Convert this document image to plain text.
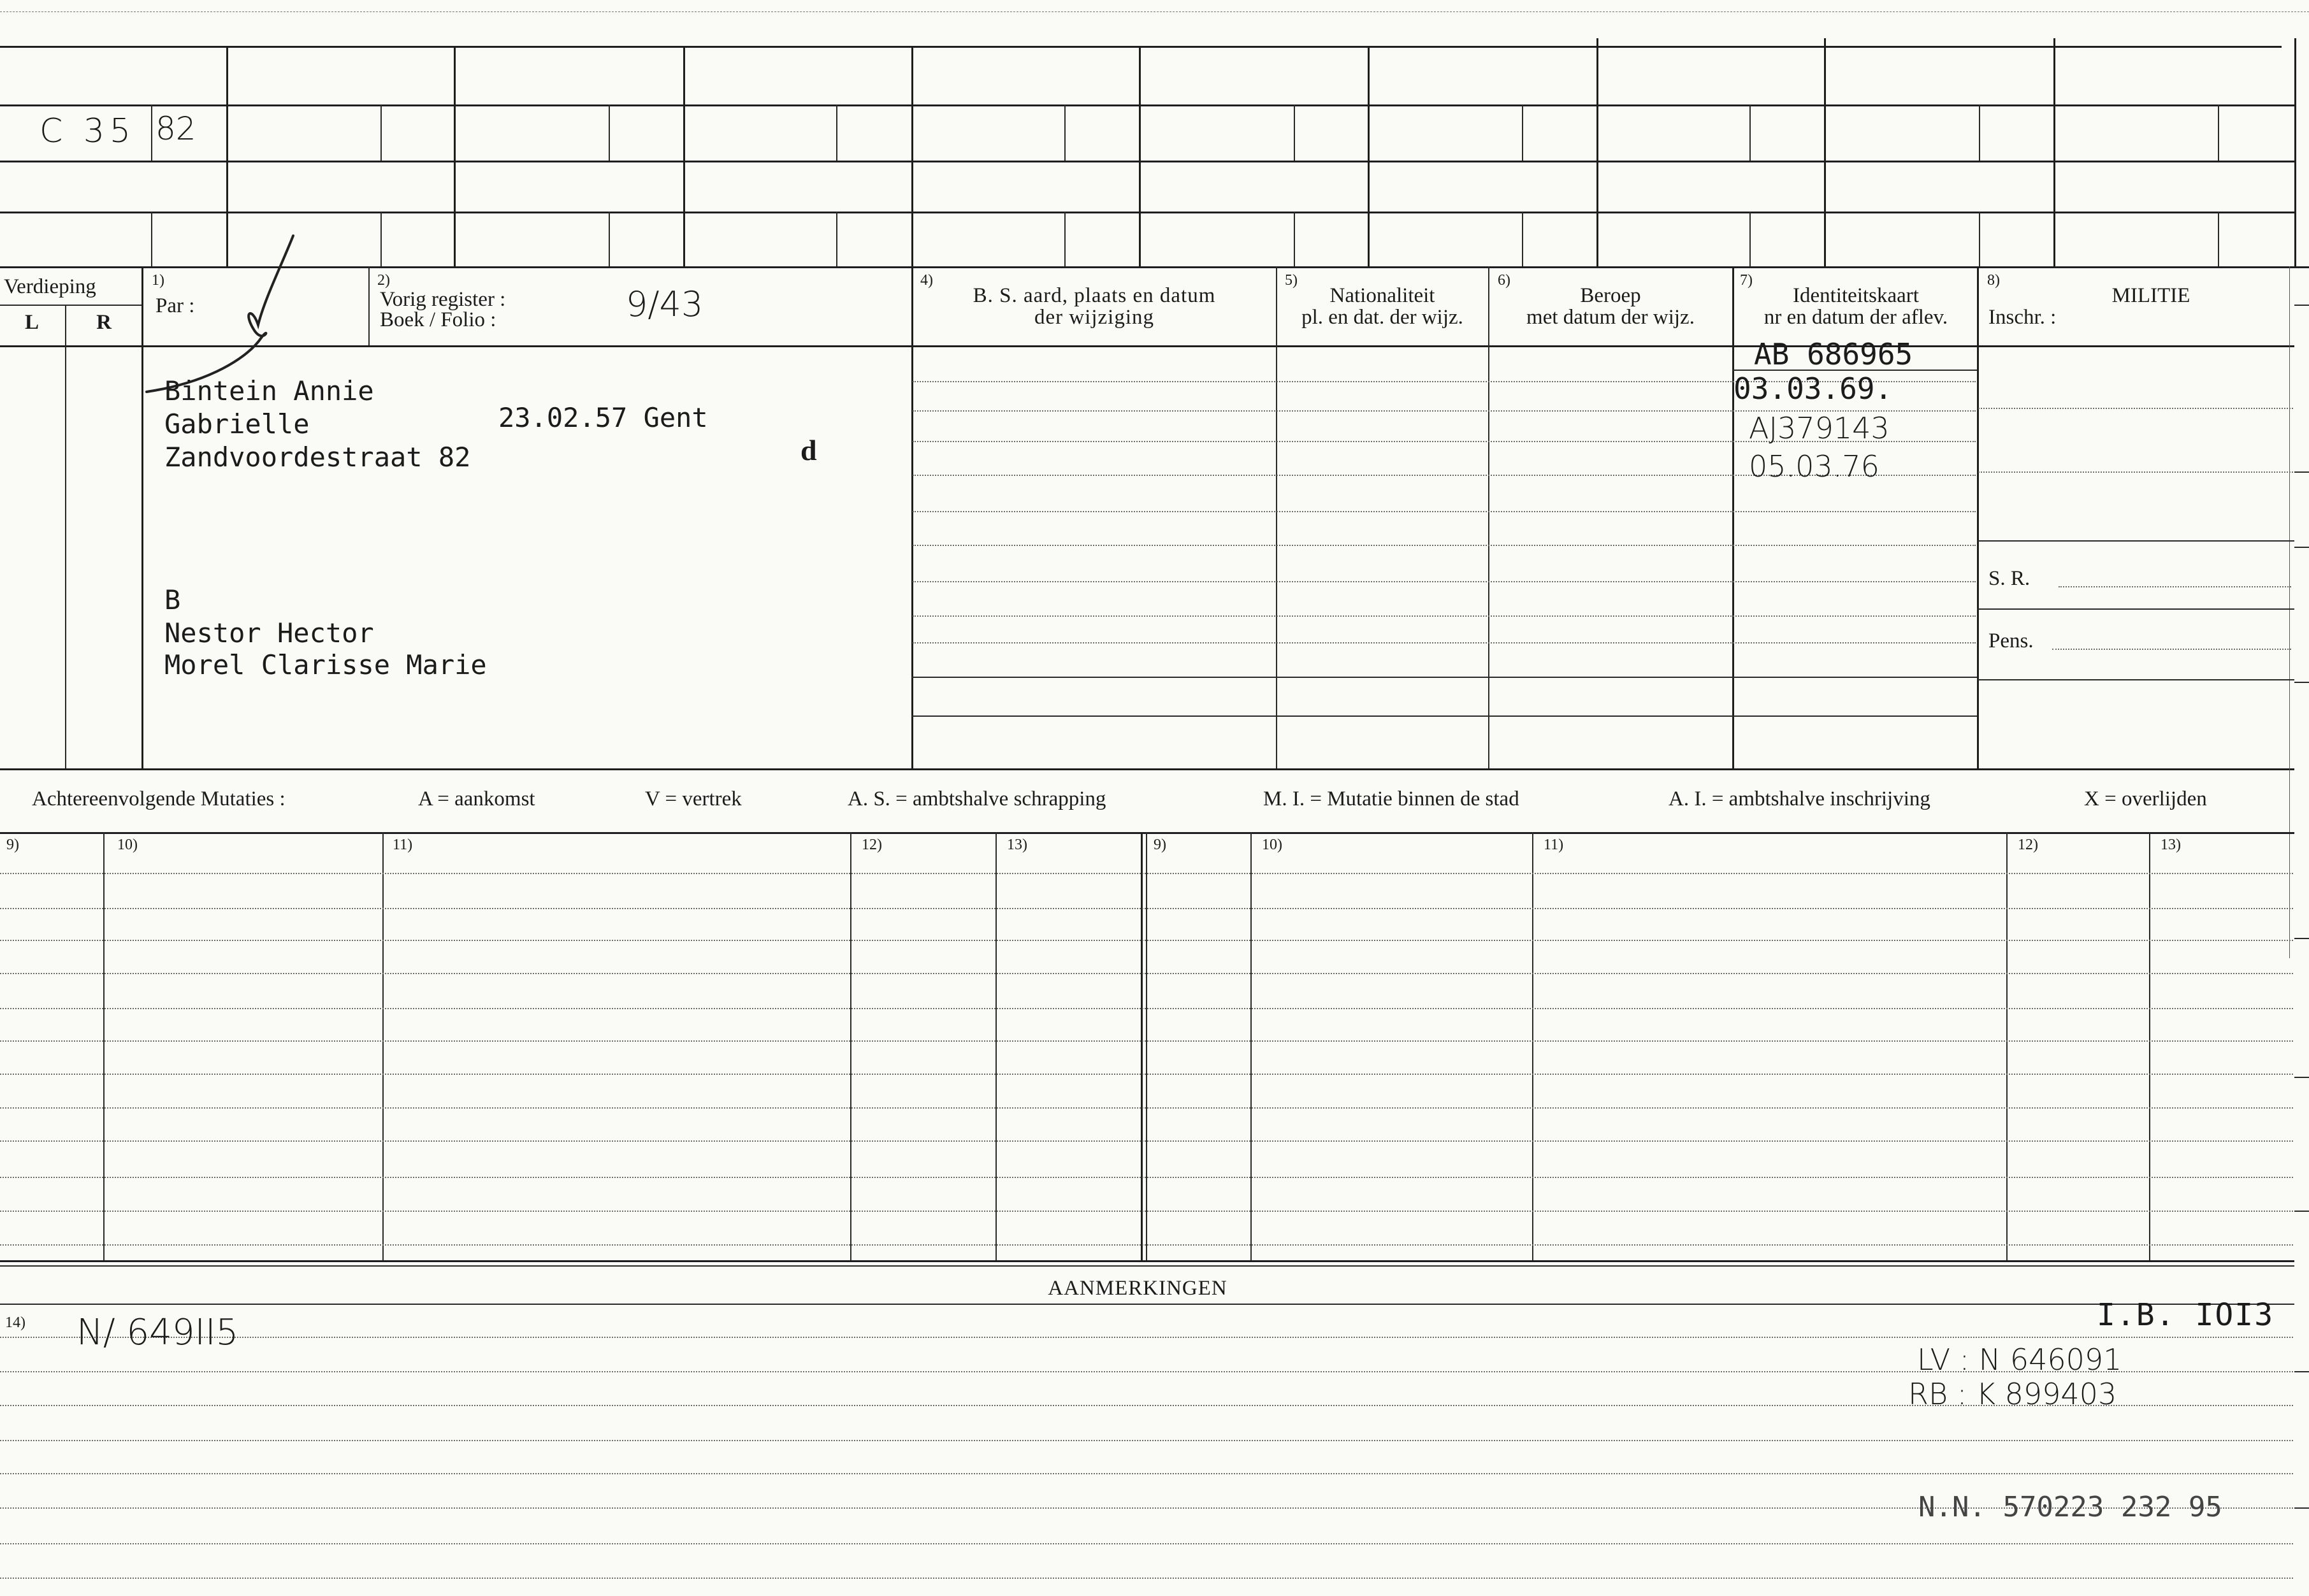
C 35 82
Verdieping
L	R
1)
Par :
2)
Vorig register :
Boek / Folio :	9/43
4)
B. S. aard, plaats en datum
der wijziging
5)
Nationaliteit
pl. en dat. der wijz.
6)
Beroep
met datum der wijz.
7)
Identiteitskaart
nr en datum der aflev.
8)
MILITIE
Inschr. :
S. R.
Pens.
Bintein Annie
Gabrielle	23.02.57 Gent
Zandvoordestraat 82	d
B
Nestor Hector
Morel Clarisse Marie
AB 686965
03.03.69.
AJ379143
05.03.76
Achtereenvolgende Mutaties :	A = aankomst	V = vertrek	A. S. = ambtshalve schrapping	M. I. = Mutatie binnen de stad	A. I. = ambtshalve inschrijving	X = overlijden
9)	10)	11)	12)	13)	9)	10)	11)	12)	13)
AANMERKINGEN
14) N/ 649II5	I.B. IOI3
LV : N 646091
RB : K 899403
N.N. 570223 232 95
